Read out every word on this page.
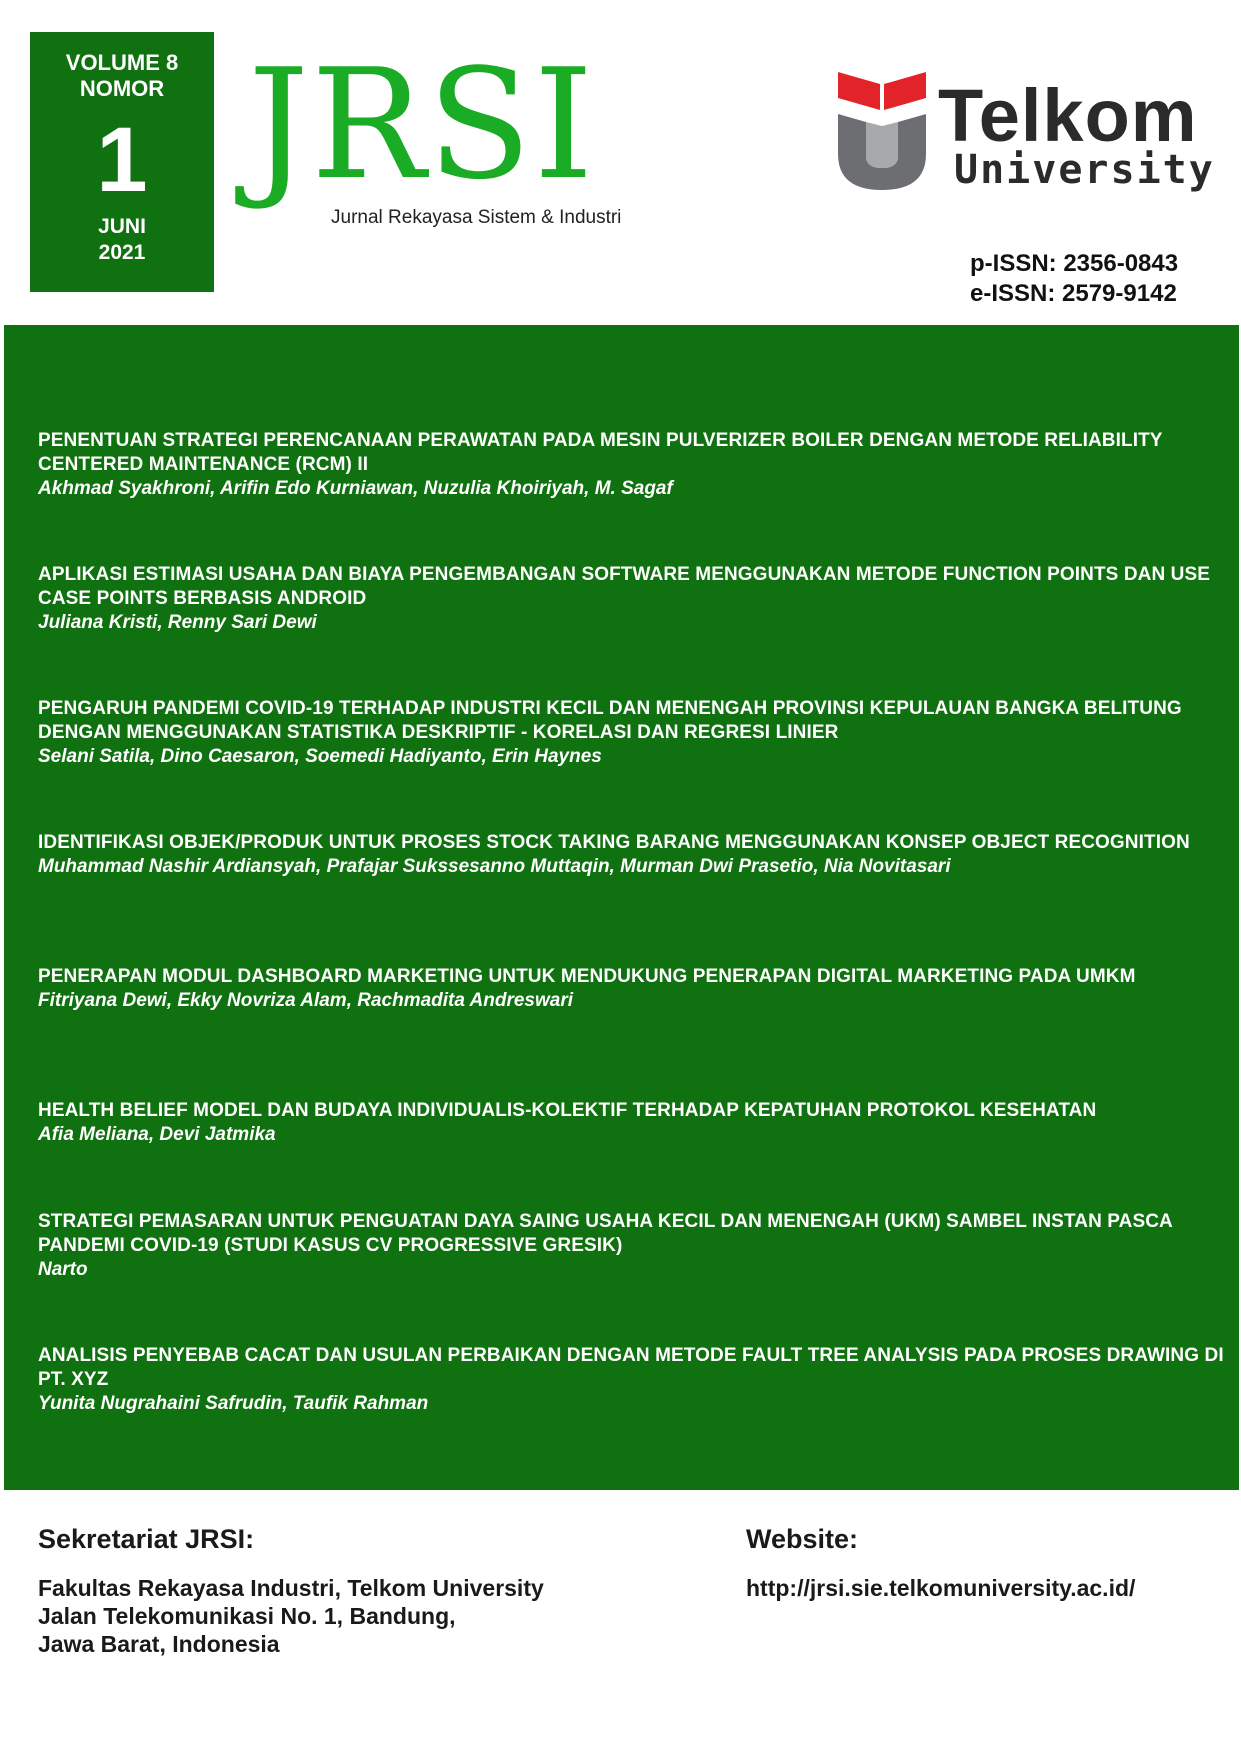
VOLUME 8
NOMOR
1
JUNI
2021
JRSI
Jurnal Rekayasa Sistem & Industri
Telkom
University
p-ISSN: 2356-0843
e-ISSN: 2579-9142
PENENTUAN STRATEGI PERENCANAAN PERAWATAN PADA MESIN PULVERIZER BOILER DENGAN METODE RELIABILITY CENTERED MAINTENANCE (RCM) II
Akhmad Syakhroni, Arifin Edo Kurniawan, Nuzulia Khoiriyah, M. Sagaf
APLIKASI ESTIMASI USAHA DAN BIAYA PENGEMBANGAN SOFTWARE MENGGUNAKAN METODE FUNCTION POINTS DAN USE CASE POINTS BERBASIS ANDROID
Juliana Kristi, Renny Sari Dewi
PENGARUH PANDEMI COVID-19 TERHADAP INDUSTRI KECIL DAN MENENGAH PROVINSI KEPULAUAN BANGKA BELITUNG DENGAN MENGGUNAKAN STATISTIKA DESKRIPTIF - KORELASI DAN REGRESI LINIER
Selani Satila, Dino Caesaron, Soemedi Hadiyanto, Erin Haynes
IDENTIFIKASI OBJEK/PRODUK UNTUK PROSES STOCK TAKING BARANG MENGGUNAKAN KONSEP OBJECT RECOGNITION
Muhammad Nashir Ardiansyah, Prafajar Sukssesanno Muttaqin, Murman Dwi Prasetio, Nia Novitasari
PENERAPAN MODUL DASHBOARD MARKETING UNTUK MENDUKUNG PENERAPAN DIGITAL MARKETING PADA UMKM
Fitriyana Dewi, Ekky Novriza Alam, Rachmadita Andreswari
HEALTH BELIEF MODEL DAN BUDAYA INDIVIDUALIS-KOLEKTIF TERHADAP KEPATUHAN PROTOKOL KESEHATAN
Afia Meliana, Devi Jatmika
STRATEGI PEMASARAN UNTUK PENGUATAN DAYA SAING USAHA KECIL DAN MENENGAH (UKM) SAMBEL INSTAN PASCA PANDEMI COVID-19 (STUDI KASUS CV PROGRESSIVE GRESIK)
Narto
ANALISIS PENYEBAB CACAT DAN USULAN PERBAIKAN DENGAN METODE FAULT TREE ANALYSIS PADA PROSES DRAWING DI PT. XYZ
Yunita Nugrahaini Safrudin, Taufik Rahman
Sekretariat JRSI:
Fakultas Rekayasa Industri, Telkom University
Jalan Telekomunikasi No. 1, Bandung,
Jawa Barat, Indonesia
Website:
http://jrsi.sie.telkomuniversity.ac.id/
